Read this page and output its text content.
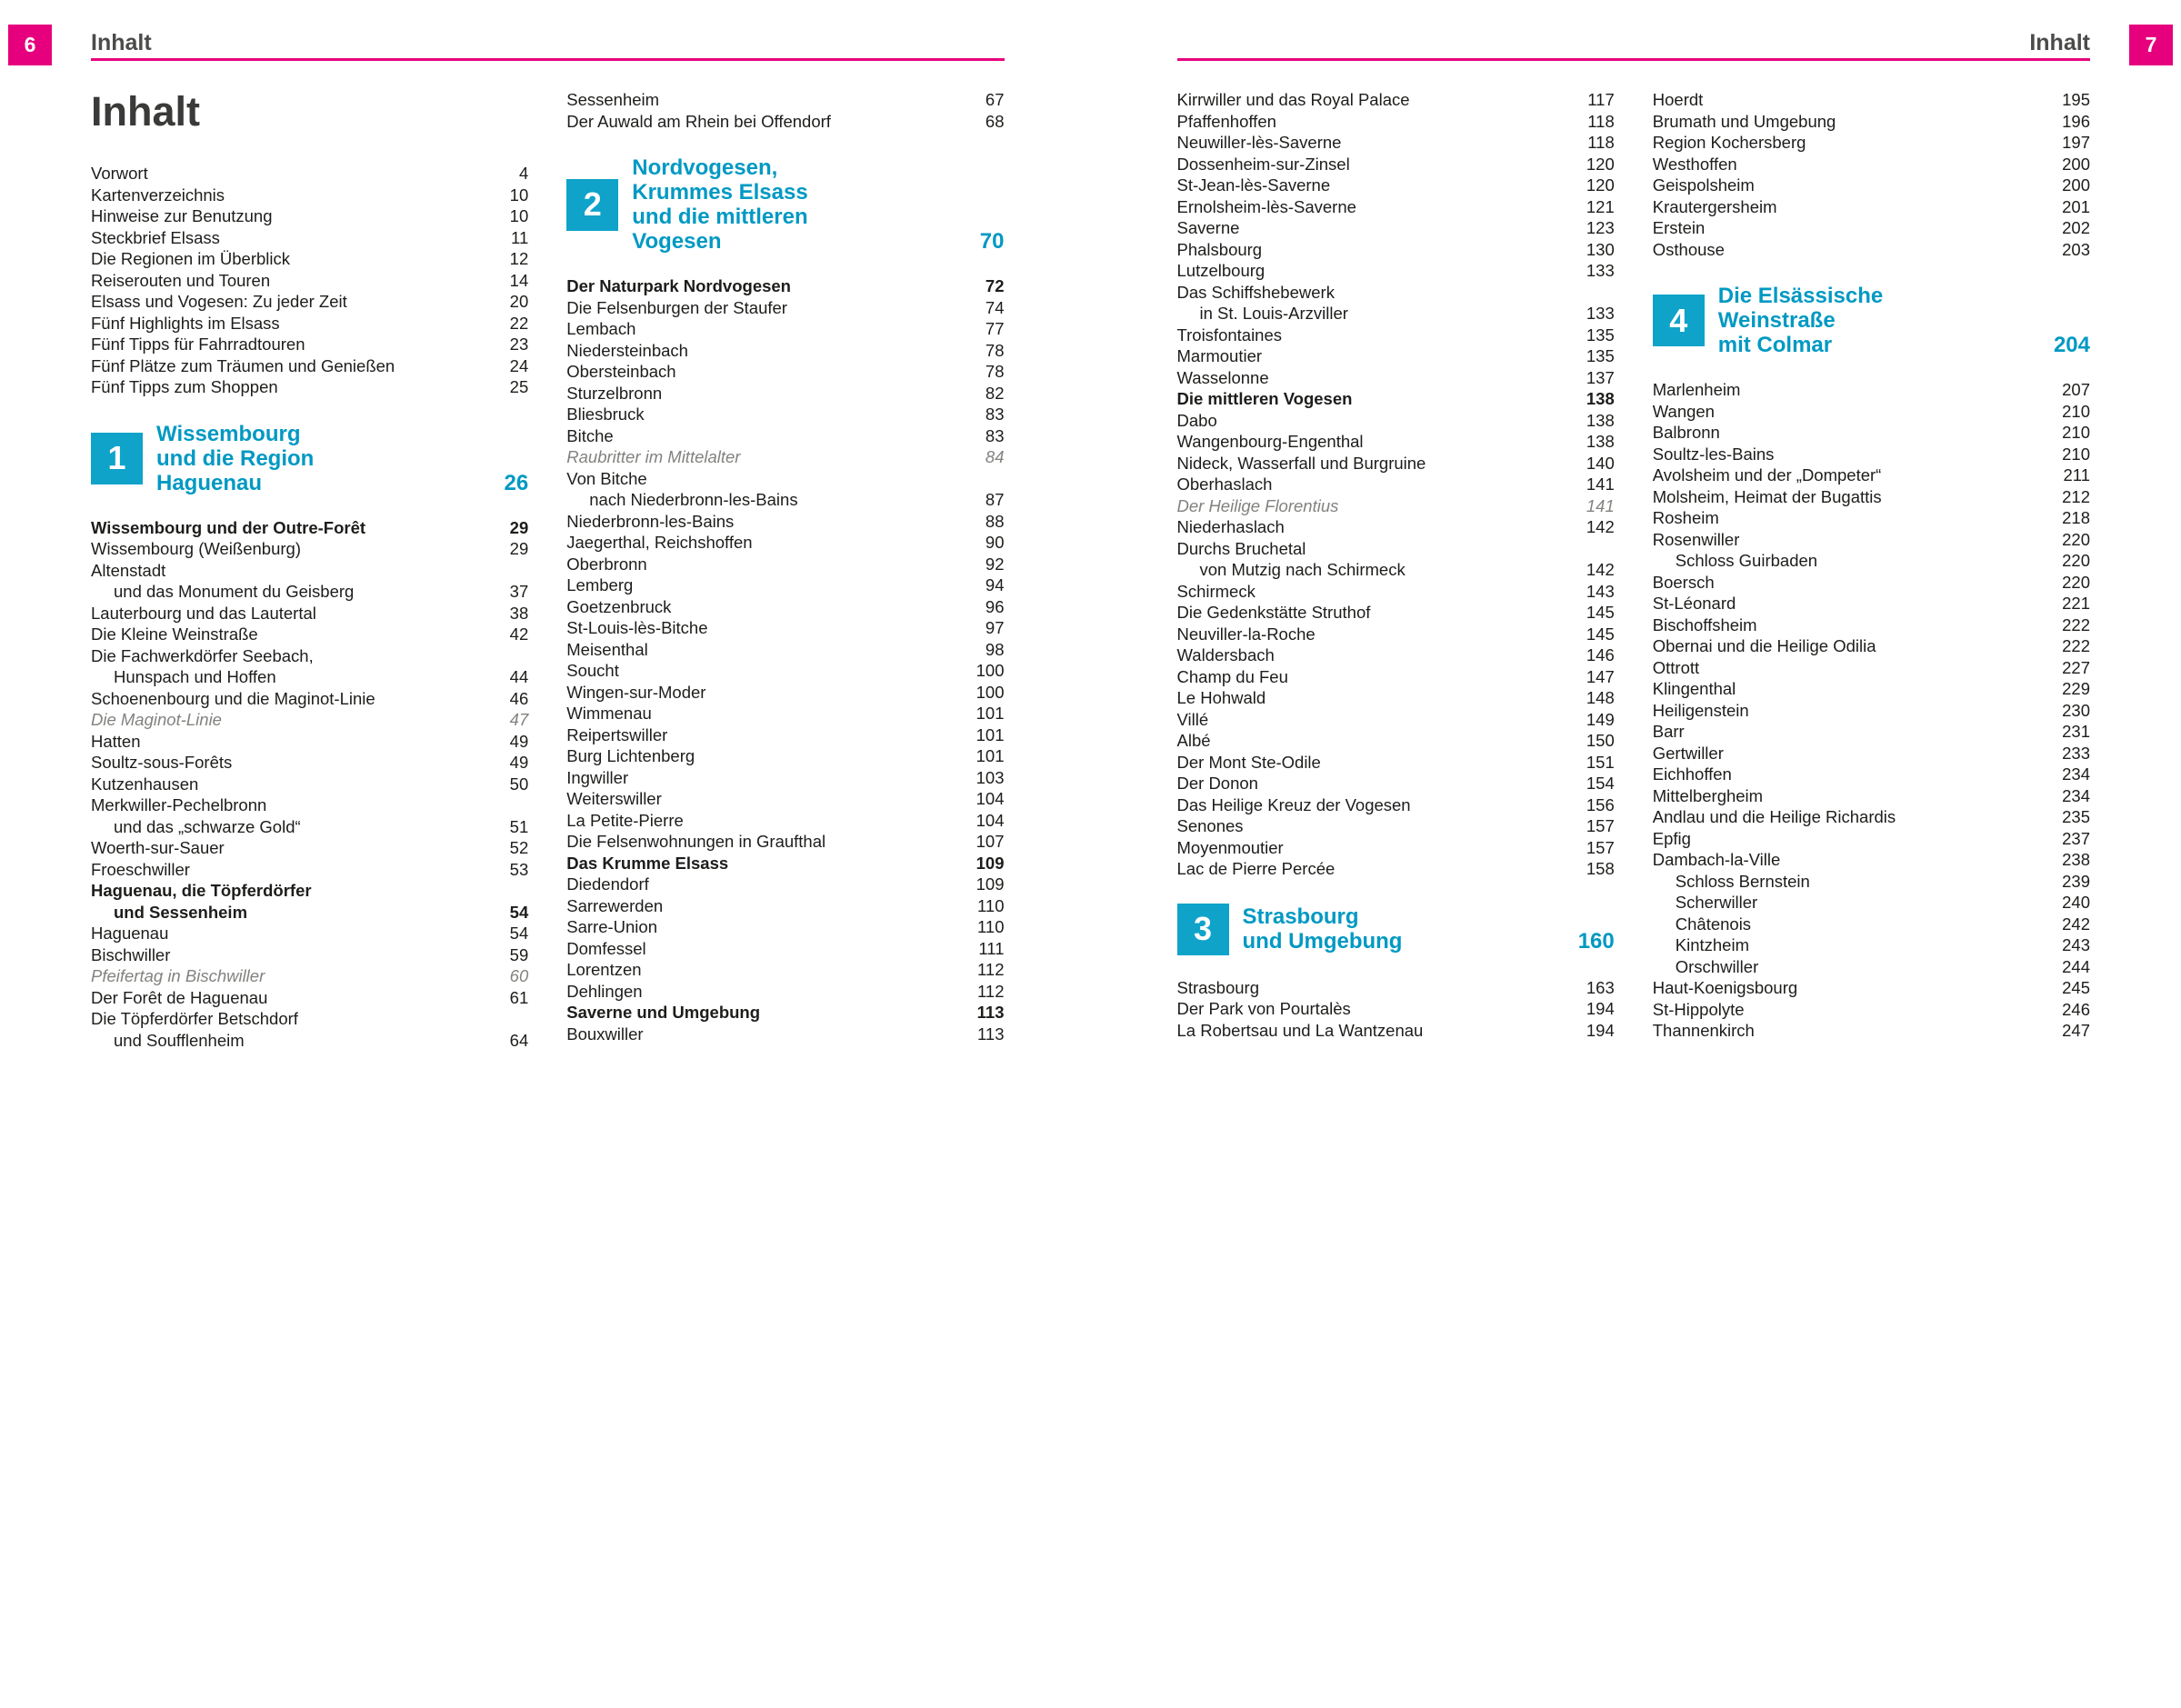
6	Inhalt
Inhalt
Vorwort	4
Kartenverzeichnis	10
Hinweise zur Benutzung	10
Steckbrief Elsass	11
Die Regionen im Überblick	12
Reiserouten und Touren	14
Elsass und Vogesen: Zu jeder Zeit	20
Fünf Highlights im Elsass	22
Fünf Tipps für Fahrradtouren	23
Fünf Plätze zum Träumen und Genießen	24
Fünf Tipps zum Shoppen	25
1
Wissembourg
und die Region
Haguenau	26
Wissembourg und der Outre-Forêt	29
Wissembourg (Weißenburg)	29
Altenstadt
und das Monument du Geisberg	37
Lauterbourg und das Lautertal	38
Die Kleine Weinstraße	42
Die Fachwerkdörfer Seebach,
Hunspach und Hoffen	44
Schoenenbourg und die Maginot-Linie	46
Die Maginot-Linie	47
Hatten	49
Soultz-sous-Forêts	49
Kutzenhausen	50
Merkwiller-Pechelbronn
und das „schwarze Gold“	51
Woerth-sur-Sauer	52
Froeschwiller	53
Haguenau, die Töpferdörfer
und Sessenheim	54
Haguenau	54
Bischwiller	59
Pfeifertag in Bischwiller	60
Der Forêt de Haguenau	61
Die Töpferdörfer Betschdorf
und Soufflenheim	64
Sessenheim	67
Der Auwald am Rhein bei Offendorf	68
2
Nordvogesen,
Krummes Elsass
und die mittleren
Vogesen	70
Der Naturpark Nordvogesen	72
Die Felsenburgen der Staufer	74
Lembach	77
Niedersteinbach	78
Obersteinbach	78
Sturzelbronn	82
Bliesbruck	83
Bitche	83
Raubritter im Mittelalter	84
Von Bitche
nach Niederbronn-les-Bains	87
Niederbronn-les-Bains	88
Jaegerthal, Reichshoffen	90
Oberbronn	92
Lemberg	94
Goetzenbruck	96
St-Louis-lès-Bitche	97
Meisenthal	98
Soucht	100
Wingen-sur-Moder	100
Wimmenau	101
Reipertswiller	101
Burg Lichtenberg	101
Ingwiller	103
Weiterswiller	104
La Petite-Pierre	104
Die Felsenwohnungen in Graufthal	107
Das Krumme Elsass	109
Diedendorf	109
Sarrewerden	110
Sarre-Union	110
Domfessel	111
Lorentzen	112
Dehlingen	112
Saverne und Umgebung	113
Bouxwiller	113
7
Inhalt
Kirrwiller und das Royal Palace	117
Pfaffenhoffen	118
Neuwiller-lès-Saverne	118
Dossenheim-sur-Zinsel	120
St-Jean-lès-Saverne	120
Ernolsheim-lès-Saverne	121
Saverne	123
Phalsbourg	130
Lutzelbourg	133
Das Schiffshebewerk
in St. Louis-Arzviller	133
Troisfontaines	135
Marmoutier	135
Wasselonne	137
Die mittleren Vogesen	138
Dabo	138
Wangenbourg-Engenthal	138
Nideck, Wasserfall und Burgruine	140
Oberhaslach	141
Der Heilige Florentius	141
Niederhaslach	142
Durchs Bruchetal
von Mutzig nach Schirmeck	142
Schirmeck	143
Die Gedenkstätte Struthof	145
Neuviller-la-Roche	145
Waldersbach	146
Champ du Feu	147
Le Hohwald	148
Villé	149
Albé	150
Der Mont Ste-Odile	151
Der Donon	154
Das Heilige Kreuz der Vogesen	156
Senones	157
Moyenmoutier	157
Lac de Pierre Percée	158
3	Strasbourg
und Umgebung	160
Strasbourg	163
Der Park von Pourtalès	194
La Robertsau und La Wantzenau	194
Hoerdt	195
Brumath und Umgebung	196
Region Kochersberg	197
Westhoffen	200
Geispolsheim	200
Krautergersheim	201
Erstein	202
Osthouse	203
4
Die Elsässische
Weinstraße
mit Colmar	204
Marlenheim	207
Wangen	210
Balbronn	210
Soultz-les-Bains	210
Avolsheim und der „Dompeter“	211
Molsheim, Heimat der Bugattis	212
Rosheim	218
Rosenwiller	220
Schloss Guirbaden	220
Boersch	220
St-Léonard	221
Bischoffsheim	222
Obernai und die Heilige Odilia	222
Ottrott	227
Klingenthal	229
Heiligenstein	230
Barr	231
Gertwiller	233
Eichhoffen	234
Mittelbergheim	234
Andlau und die Heilige Richardis	235
Epfig	237
Dambach-la-Ville	238
Schloss Bernstein	239
Scherwiller	240
Châtenois	242
Kintzheim	243
Orschwiller	244
Haut-Koenigsbourg	245
St-Hippolyte	246
Thannenkirch	247
